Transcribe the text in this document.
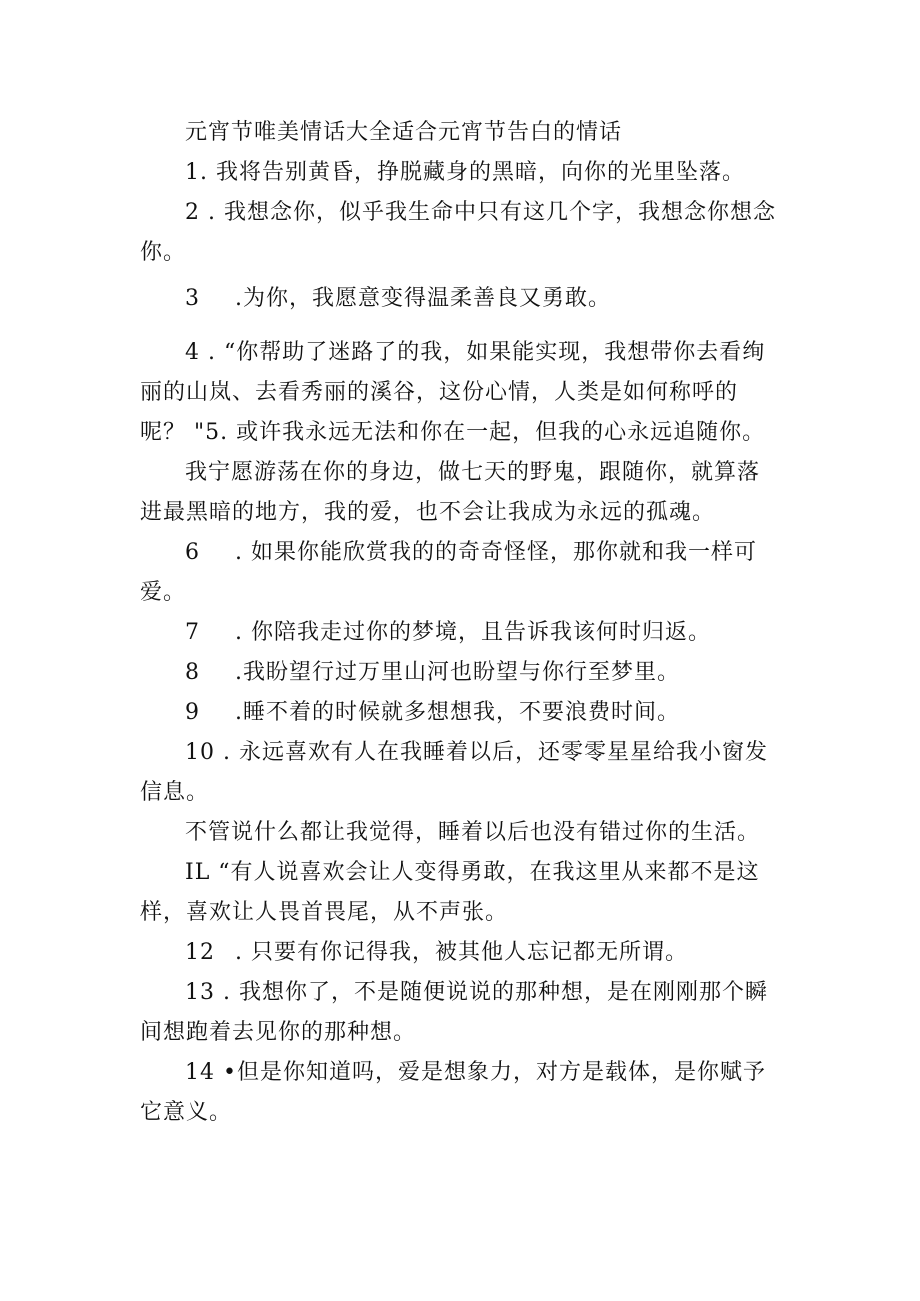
元宵节唯美情话大全适合元宵节告白的情话
1. 我将告别黄昏，挣脱藏身的黑暗，向你的光里坠落。
2 . 我想念你，似乎我生命中只有这几个字，我想念你想念
你。
3 .为你，我愿意变得温柔善良又勇敢。
4 . “你帮助了迷路了的我，如果能实现，我想带你去看绚
丽的山岚、去看秀丽的溪谷，这份心情，人类是如何称呼的
呢？ "5. 或许我永远无法和你在一起，但我的心永远追随你。
我宁愿游荡在你的身边，做七天的野鬼，跟随你，就算落
进最黑暗的地方，我的爱，也不会让我成为永远的孤魂。
6 . 如果你能欣赏我的的奇奇怪怪，那你就和我一样可
爱。
7 . 你陪我走过你的梦境，且告诉我该何时归返。
8 .我盼望行过万里山河也盼望与你行至梦里。
9 .睡不着的时候就多想想我，不要浪费时间。
10 . 永远喜欢有人在我睡着以后，还零零星星给我小窗发
信息。
不管说什么都让我觉得，睡着以后也没有错过你的生活。
IL “有人说喜欢会让人变得勇敢，在我这里从来都不是这
样，喜欢让人畏首畏尾，从不声张。
12 . 只要有你记得我，被其他人忘记都无所谓。
13 . 我想你了，不是随便说说的那种想，是在刚刚那个瞬
间想跑着去见你的那种想。
14 •但是你知道吗，爱是想象力，对方是载体，是你赋予
它意义。
